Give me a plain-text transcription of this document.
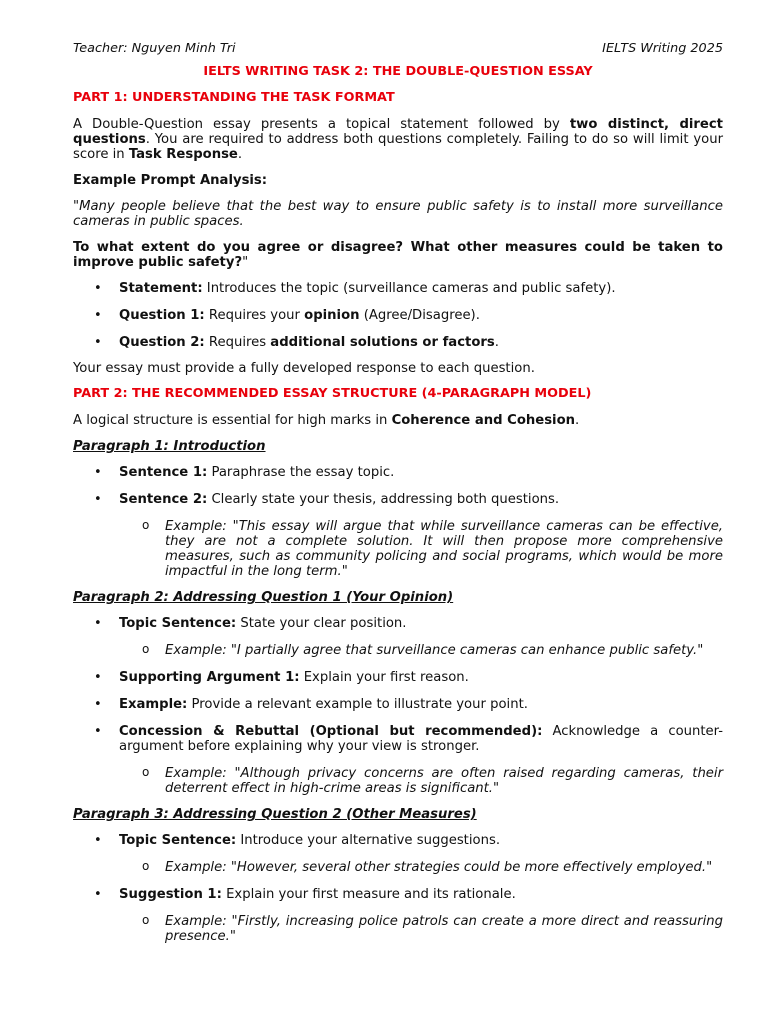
Teacher: Nguyen Minh Tri	IELTS Writing 2025
IELTS WRITING TASK 2: THE DOUBLE-QUESTION ESSAY
PART 1: UNDERSTANDING THE TASK FORMAT

A Double-Question essay presents a topical statement followed by two distinct, direct questions. You are required to address both questions completely. Failing to do so will limit your score in Task Response.

Example Prompt Analysis:

"Many people believe that the best way to ensure public safety is to install more surveillance cameras in public spaces.

To what extent do you agree or disagree? What other measures could be taken to improve public safety?"

• Statement: Introduces the topic (surveillance cameras and public safety).
• Question 1: Requires your opinion (Agree/Disagree).
• Question 2: Requires additional solutions or factors.

Your essay must provide a fully developed response to each question.

PART 2: THE RECOMMENDED ESSAY STRUCTURE (4-PARAGRAPH MODEL)

A logical structure is essential for high marks in Coherence and Cohesion.

Paragraph 1: Introduction
• Sentence 1: Paraphrase the essay topic.
• Sentence 2: Clearly state your thesis, addressing both questions.
o Example: "This essay will argue that while surveillance cameras can be effective, they are not a complete solution. It will then propose more comprehensive measures, such as community policing and social programs, which would be more impactful in the long term."
Paragraph 2: Addressing Question 1 (Your Opinion)
• Topic Sentence: State your clear position.
o Example: "I partially agree that surveillance cameras can enhance public safety."
• Supporting Argument 1: Explain your first reason.
• Example: Provide a relevant example to illustrate your point.
• Concession & Rebuttal (Optional but recommended): Acknowledge a counter-argument before explaining why your view is stronger.
o Example: "Although privacy concerns are often raised regarding cameras, their deterrent effect in high-crime areas is significant."
Paragraph 3: Addressing Question 2 (Other Measures)
• Topic Sentence: Introduce your alternative suggestions.
o Example: "However, several other strategies could be more effectively employed."
• Suggestion 1: Explain your first measure and its rationale.
o Example: "Firstly, increasing police patrols can create a more direct and reassuring presence."
